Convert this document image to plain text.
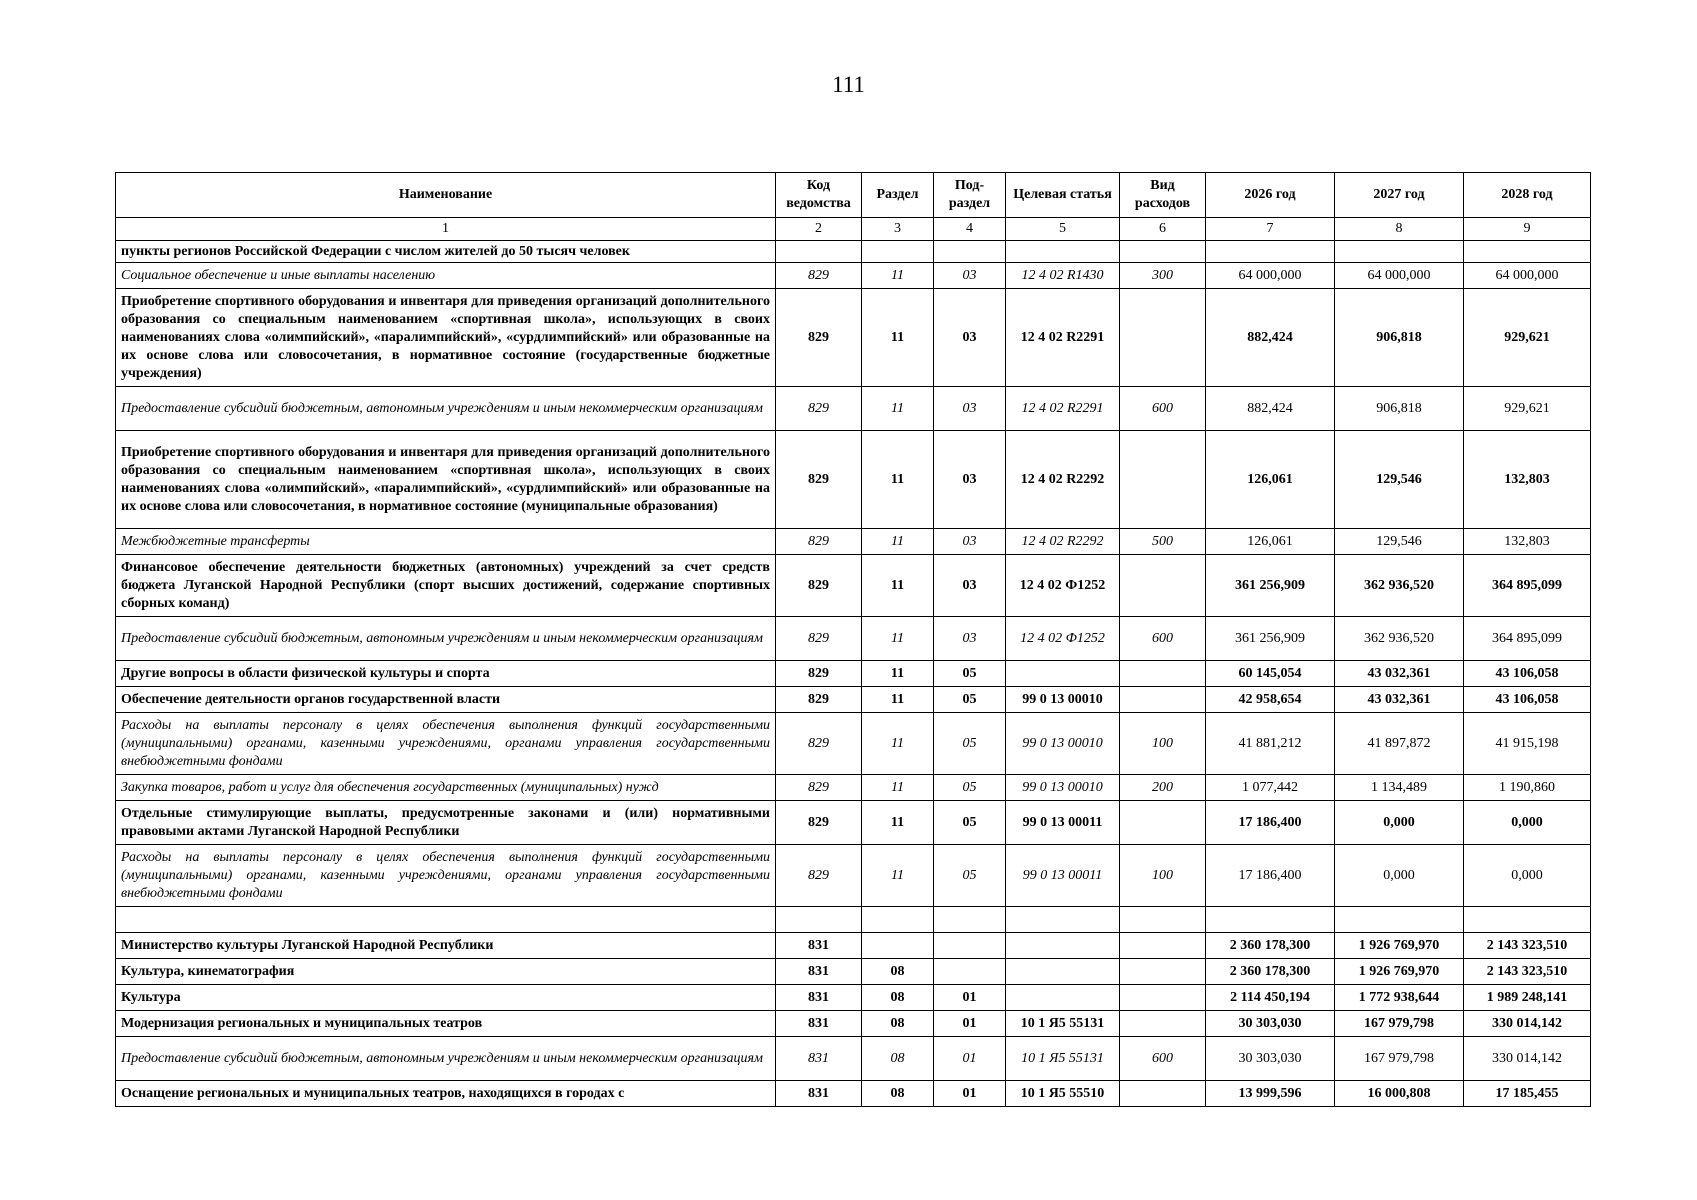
111
Наименование	Код ведомства	Раздел	Под-раздел	Целевая статья	Вид расходов	2026 год	2027 год	2028 год
1	2	3	4	5	6	7	8	9
пункты регионов Российской Федерации с числом жителей до 50 тысяч человек								
Социальное обеспечение и иные выплаты населению	829	11	03	12 4 02 R1430	300	64 000,000	64 000,000	64 000,000
Приобретение спортивного оборудования и инвентаря для приведения организаций дополнительного образования со специальным наименованием «спортивная школа», использующих в своих наименованиях слова «олимпийский», «паралимпийский», «сурдлимпийский» или образованные на их основе слова или словосочетания, в нормативное состояние (государственные бюджетные учреждения)	829	11	03	12 4 02 R2291		882,424	906,818	929,621
Предоставление субсидий бюджетным, автономным учреждениям и иным некоммерческим организациям	829	11	03	12 4 02 R2291	600	882,424	906,818	929,621
Приобретение спортивного оборудования и инвентаря для приведения организаций дополнительного образования со специальным наименованием «спортивная школа», использующих в своих наименованиях слова «олимпийский», «паралимпийский», «сурдлимпийский» или образованные на их основе слова или словосочетания, в нормативное состояние (муниципальные образования)	829	11	03	12 4 02 R2292		126,061	129,546	132,803
Межбюджетные трансферты	829	11	03	12 4 02 R2292	500	126,061	129,546	132,803
Финансовое обеспечение деятельности бюджетных (автономных) учреждений за счет средств бюджета Луганской Народной Республики (спорт высших достижений, содержание спортивных сборных команд)	829	11	03	12 4 02 Ф1252		361 256,909	362 936,520	364 895,099
Предоставление субсидий бюджетным, автономным учреждениям и иным некоммерческим организациям	829	11	03	12 4 02 Ф1252	600	361 256,909	362 936,520	364 895,099
Другие вопросы в области физической культуры и спорта	829	11	05			60 145,054	43 032,361	43 106,058
Обеспечение деятельности органов государственной власти	829	11	05	99 0 13 00010		42 958,654	43 032,361	43 106,058
Расходы на выплаты персоналу в целях обеспечения выполнения функций государственными (муниципальными) органами, казенными учреждениями, органами управления государственными внебюджетными фондами	829	11	05	99 0 13 00010	100	41 881,212	41 897,872	41 915,198
Закупка товаров, работ и услуг для обеспечения государственных (муниципальных) нужд	829	11	05	99 0 13 00010	200	1 077,442	1 134,489	1 190,860
Отдельные стимулирующие выплаты, предусмотренные законами и (или) нормативными правовыми актами Луганской Народной Республики	829	11	05	99 0 13 00011		17 186,400	0,000	0,000
Расходы на выплаты персоналу в целях обеспечения выполнения функций государственными (муниципальными) органами, казенными учреждениями, органами управления государственными внебюджетными фондами	829	11	05	99 0 13 00011	100	17 186,400	0,000	0,000

Министерство культуры Луганской Народной Республики	831					2 360 178,300	1 926 769,970	2 143 323,510
Культура, кинематография	831	08				2 360 178,300	1 926 769,970	2 143 323,510
Культура	831	08	01			2 114 450,194	1 772 938,644	1 989 248,141
Модернизация региональных и муниципальных театров	831	08	01	10 1 Я5 55131		30 303,030	167 979,798	330 014,142
Предоставление субсидий бюджетным, автономным учреждениям и иным некоммерческим организациям	831	08	01	10 1 Я5 55131	600	30 303,030	167 979,798	330 014,142
Оснащение региональных и муниципальных театров, находящихся в городах с	831	08	01	10 1 Я5 55510		13 999,596	16 000,808	17 185,455
